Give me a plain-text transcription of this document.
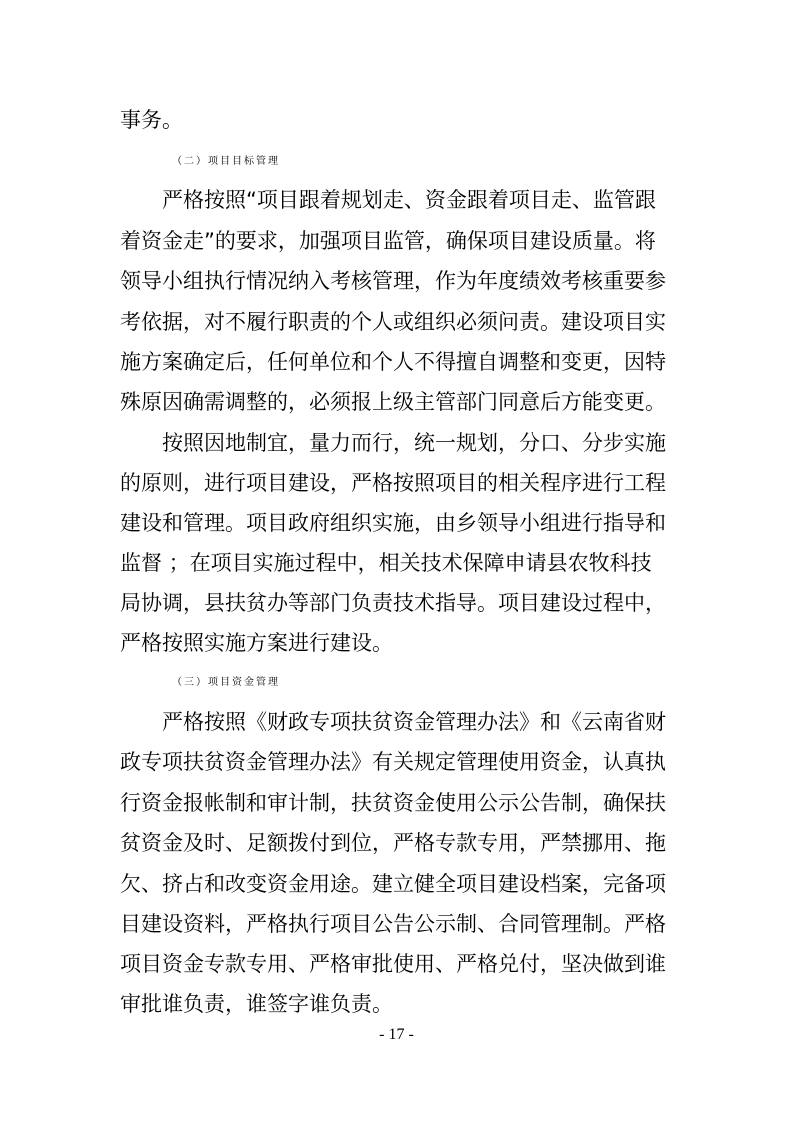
事务。
（二）项目目标管理
严格按照“项目跟着规划走、资金跟着项目走、监管跟
着资金走”的要求，加强项目监管，确保项目建设质量。将
领导小组执行情况纳入考核管理，作为年度绩效考核重要参
考依据，对不履行职责的个人或组织必须问责。建设项目实
施方案确定后，任何单位和个人不得擅自调整和变更，因特
殊原因确需调整的，必须报上级主管部门同意后方能变更。
按照因地制宜，量力而行，统一规划，分口、分步实施
的原则，进行项目建设，严格按照项目的相关程序进行工程
建设和管理。项目政府组织实施，由乡领导小组进行指导和
监督 ；在项目实施过程中，相关技术保障申请县农牧科技
局协调，县扶贫办等部门负责技术指导。项目建设过程中，
严格按照实施方案进行建设。
（三）项目资金管理
严格按照《财政专项扶贫资金管理办法》和《云南省财
政专项扶贫资金管理办法》有关规定管理使用资金，认真执
行资金报帐制和审计制，扶贫资金使用公示公告制，确保扶
贫资金及时、足额拨付到位，严格专款专用，严禁挪用、拖
欠、挤占和改变资金用途。建立健全项目建设档案，完备项
目建设资料，严格执行项目公告公示制、合同管理制。严格
项目资金专款专用、严格审批使用、严格兑付，坚决做到谁
审批谁负责，谁签字谁负责。
- 17 -
